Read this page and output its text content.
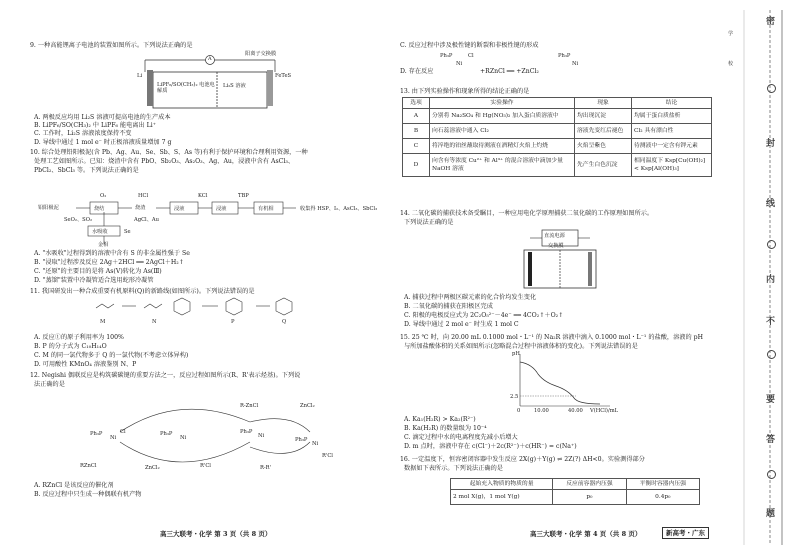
9. 一种高能锂离子电池的装置如图所示。下列说法正确的是
A
阳离子交换膜
Li	FeTeS
LiPF₆/SO(CH₃)₂ 电池电解质
Li₂S 溶液
A. 两极反应均用 Li₂S 溶液可提高电池的生产成本
B. LiPF₆/SO(CH₃)₂ 中 LiPF₆ 能电离出 Li⁺
C. 工作时，Li₂S 溶液浓度保持不变
D. 导线中通过 1 mol e⁻ 时正极溶液质量增加 7 g
10. 综合处理铅阳极泥(含 Pb、Ag、Au、Se、Sb、S、As 等)有利于保护环境和合理利用资源，一种
处理工艺如图所示。已知：烧渣中含有 PbO、Sb₂O₃、As₂O₃、Ag、Au，浸液中含有 AsCl₃、
PbCl₂、SbCl₃ 等。下列说法正确的是
铅阳极泥	烧结	烧渣	浸液	浸液	有机相	收集得 HSP、I₂、AsCl₃、SbCl₃
O₂	HCl	KCl	TBP
SeO₂、SO₂	AgCl、Au
水吸收	Se
金相
A. "水吸收"过程得到的溶液中含有 S 的非金属性强于 Se
B. "浸取"过程涉及反应 2Ag＋2HCl ══ 2AgCl＋H₂↑
C. "还原"的主要目的是将 As(Ⅴ)转化为 As(Ⅲ)
D. "蒸馏"装置中冷凝管适合选用蛇形冷凝管
11. 我国研发出一种合成重要有机原料(Q)的新路线(如图所示)。下列说法错误的是
M	N	P	Q
A. 反应①的原子利用率为 100%
B. P 的分子式为 C₁₀H₁₄O
C. M 的同一氯代物多于 Q 的一氯代物(不考虑立体异构)
D. 可用酸性 KMnO₄ 溶液鉴别 N、P
12. Negishi 偶联反应是构筑碳碳键的重要方法之一，反应过程如图所示(R、R'表示烃基)。下列说
法正确的是
R-ZnCl	ZnCl₂
RZnCl	ZnCl₂	R'Cl	R-R'
R'Cl
Ph₃P
Ni
Cl	Ph₃P
Ni
Ph₃P
Ni
Ph₃P
Ni
A. RZnCl 是该反应的催化剂
B. 反应过程中只生成一种偶联有机产物
高三大联考・化学 第 3 页（共 8 页）
C. 反应过程中涉及极性键的断裂和非极性键的形成
D. 存在反应
Ph₃P
Ni
Cl
+RZnCl ══ +ZnCl₂
Ph₃P
Ni
13. 由下列实验操作和现象所得的结论正确的是
选项	实验操作	现象	结论
A	分别将 Na₂SO₄ 和 Hg(NO₃)₂ 加入蛋白质溶液中	均出现沉淀	均属于蛋白质盐析
B	向石蕊溶液中通入 Cl₂	溶液先变红后褪色	Cl₂ 具有漂白性
C	将淬绝的铂丝蘸取待测液在酒精灯火焰上灼烧	火焰呈紫色	待测液中一定含有钾元素
D	向含有等浓度 Cu²⁺ 和 Al³⁺ 的混合溶液中滴加少量 NaOH 溶液	先产生白色沉淀	相同温度下 Ksp[Cu(OH)₂] < Ksp[Al(OH)₃]
14. 二氧化碳的捕获技术备受瞩目，一种应用电化学原理捕获二氧化碳的工作原理如图所示。
下列说法正确的是
直流电源
交换膜
A. 捕获过程中两极区碳元素的化合价均发生变化
B. 二氧化碳的捕获在阳极区完成
C. 阳极的电极反应式为 2C₂O₅²⁻－4e⁻ ══ 4CO₂↑＋O₂↑
D. 导线中通过 2 mol e⁻ 时生成 1 mol C
15. 25 ℃ 时，向 20.00 mL 0.1000 mol・L⁻¹ 的 Na₂R 溶液中滴入 0.1000 mol・L⁻¹ 的盐酸，溶液的 pH
与所加盐酸体积的关系如图所示(忽略混合过程中溶液体积的变化)。下列说法错误的是
pH
2.5
0	10.00	40.00 V(HCl)/mL
A. Ka₁(H₂R) > Ka₂(R²⁻)
B. Ka(H₂R) 的数量级为 10⁻⁴
C. 滴定过程中水的电离程度先减小后增大
D. m 点时，溶液中存在 c(Cl⁻)＋2c(R²⁻)＋c(HR⁻) = c(Na⁺)
16. 一定温度下，恒容密闭容器中发生反应 2X(g)＋Y(g) ⇌ 2Z(?) ΔH<0。实验测得部分
数据如下表所示。下列说法正确的是
起始充入物质的物质的量	反应前容器内压强	平衡时容器内压强
2 mol X(g)，1 mol Y(g)	p₀	0.4p₀
高三大联考・化学 第 4 页（共 8 页）	新高考・广东
密
封
线
内
不
要
答
题
学
校
